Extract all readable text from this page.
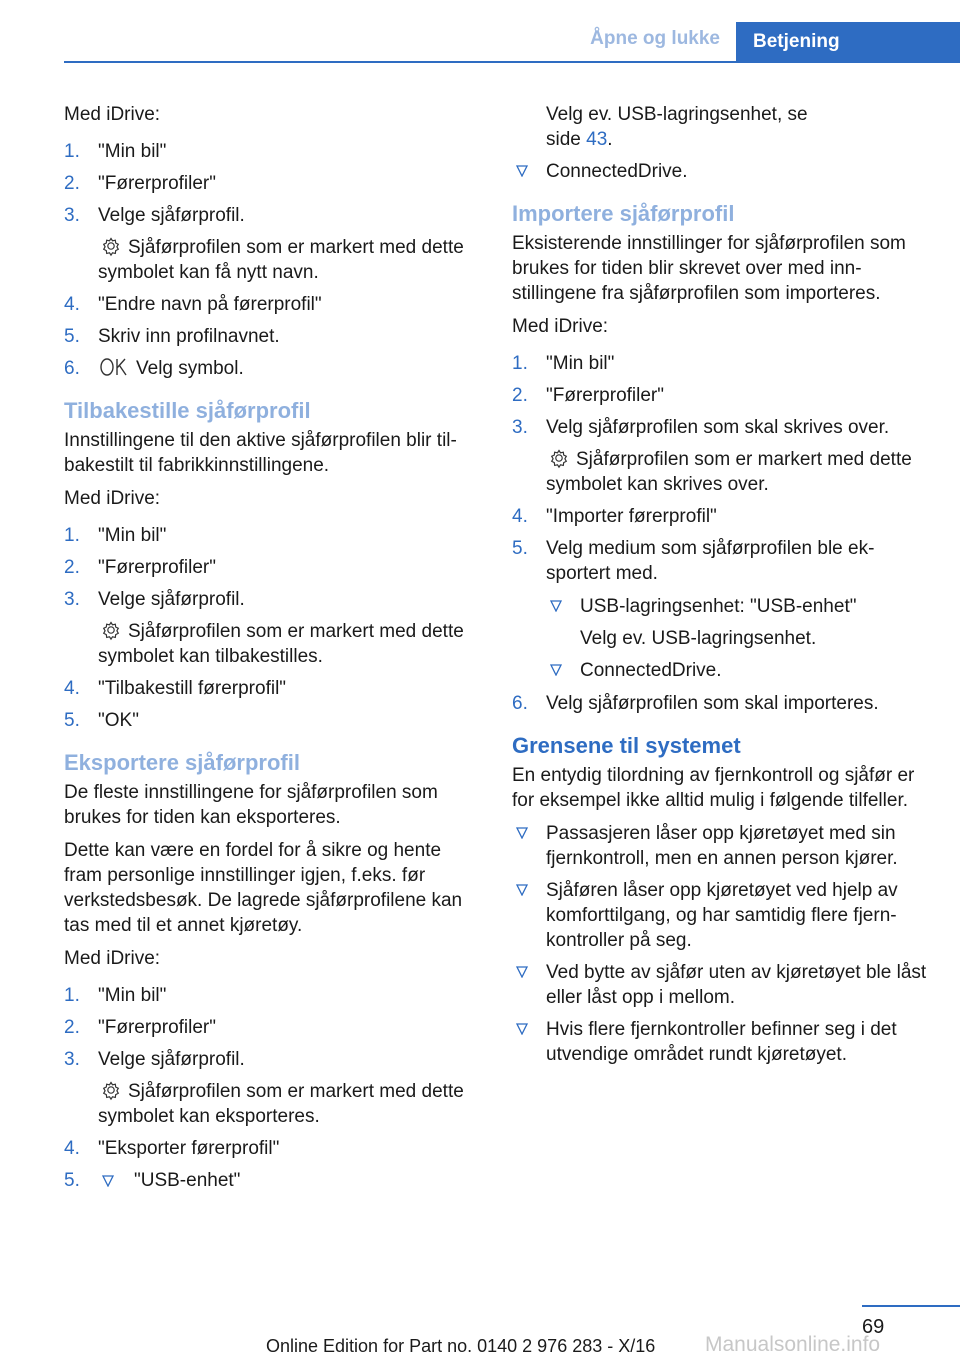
Åpne og lukke	Betjening

Med iDrive:

1. "Min bil"
2. "Førerprofiler"
3. Velge sjåførprofil.
Sjåførprofilen som er markert med dette symbolet kan få nytt navn.
4. "Endre navn på førerprofil"
5. Skriv inn profilnavnet.
6.	Velg symbol.
Tilbakestille sjåførprofil

Innstillingene til den aktive sjåførprofilen blir tilbakestilt til fabrikkinnstillingene.

Med iDrive:

1. "Min bil"
2. "Førerprofiler"
3. Velge sjåførprofil.
Sjåførprofilen som er markert med dette symbolet kan tilbakestilles.
4. "Tilbakestill førerprofil"
5. "OK"
Eksportere sjåførprofil

De fleste innstillingene for sjåførprofilen som brukes for tiden kan eksporteres.

Dette kan være en fordel for å sikre og hente fram personlige innstillinger igjen, f.eks. før verkstedsbesøk. De lagrede sjåførprofilene kan tas med til et annet kjøretøy.

Med iDrive:

1. "Min bil"
2. "Førerprofiler"
3. Velge sjåførprofil.
Sjåførprofilen som er markert med dette symbolet kan eksporteres.
4. "Eksporter førerprofil"
5.	"USB-enhet"
Velg ev. USB-lagringsenhet, se
side 43.
ConnectedDrive.
Importere sjåførprofil

Eksisterende innstillinger for sjåførprofilen som brukes for tiden blir skrevet over med innstillingene fra sjåførprofilen som importeres.

Med iDrive:

1. "Min bil"
2. "Førerprofiler"
3. Velg sjåførprofilen som skal skrives over.
Sjåførprofilen som er markert med dette symbolet kan skrives over.
4. "Importer førerprofil"
5. Velg medium som sjåførprofilen ble eksportert med.
USB-lagringsenhet: "USB-enhet"
Velg ev. USB-lagringsenhet.
ConnectedDrive.
6. Velg sjåførprofilen som skal importeres.
Grensene til systemet

En entydig tilordning av fjernkontroll og sjåfør er for eksempel ikke alltid mulig i følgende tilfeller.

Passasjeren låser opp kjøretøyet med sin fjernkontroll, men en annen person kjører.
Sjåføren låser opp kjøretøyet ved hjelp av komforttilgang, og har samtidig flere fjernkontroller på seg.
Ved bytte av sjåfør uten av kjøretøyet ble låst eller låst opp i mellom.
Hvis flere fjernkontroller befinner seg i det utvendige området rundt kjøretøyet.
69
Online Edition for Part no. 0140 2 976 283 - X/16 Manualsonline.info
